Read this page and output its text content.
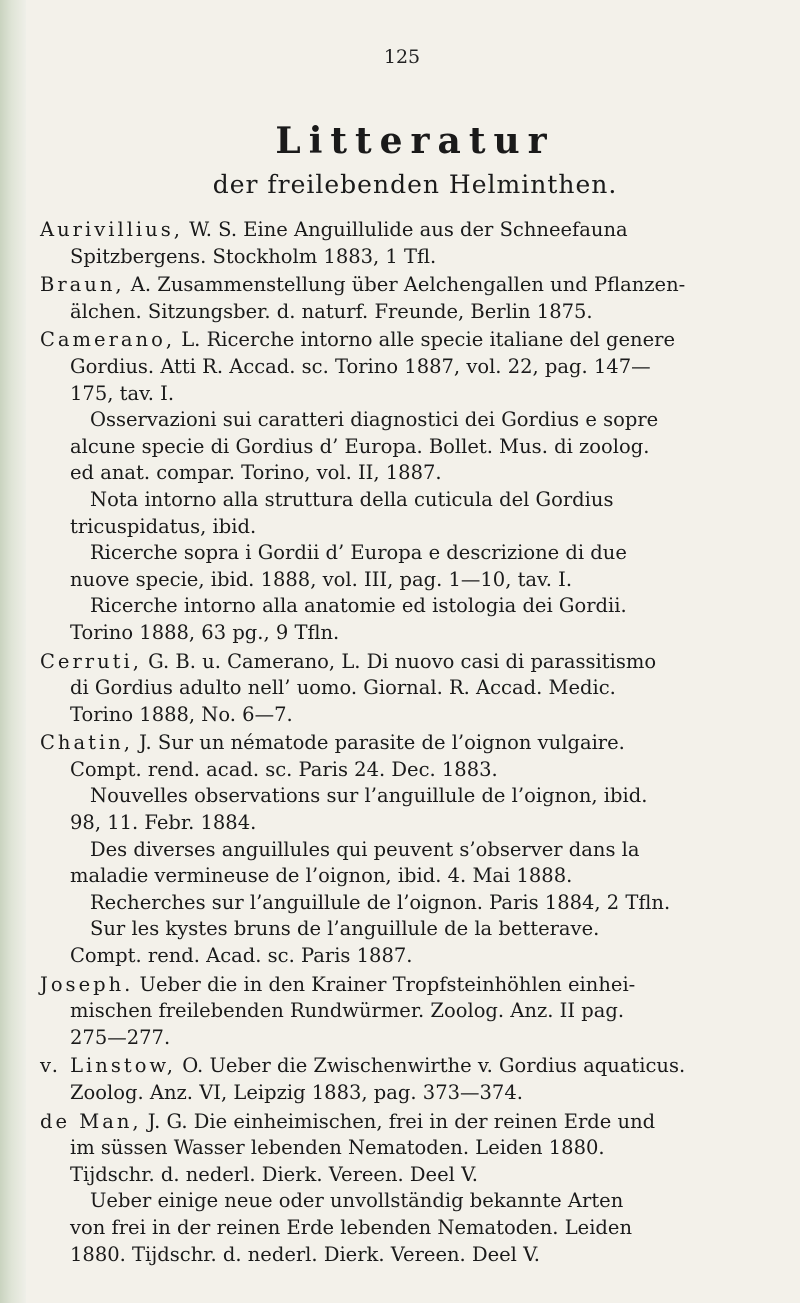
125
Litteratur
der freilebenden Helminthen.
Aurivillius, W. S. Eine Anguillulide aus der Schneefauna
Spitzbergens. Stockholm 1883, 1 Tfl.
Braun, A. Zusammenstellung über Aelchengallen und Pflanzen-
älchen. Sitzungsber. d. naturf. Freunde, Berlin 1875.
Camerano, L. Ricerche intorno alle specie italiane del genere
Gordius. Atti R. Accad. sc. Torino 1887, vol. 22, pag. 147—
175, tav. I.
Osservazioni sui caratteri diagnostici dei Gordius e sopre
alcune specie di Gordius d’ Europa. Bollet. Mus. di zoolog.
ed anat. compar. Torino, vol. II, 1887.
Nota intorno alla struttura della cuticula del Gordius
tricuspidatus, ibid.
Ricerche sopra i Gordii d’ Europa e descrizione di due
nuove specie, ibid. 1888, vol. III, pag. 1—10, tav. I.
Ricerche intorno alla anatomie ed istologia dei Gordii.
Torino 1888, 63 pg., 9 Tfln.
Cerruti, G. B. u. Camerano, L. Di nuovo casi di parassitismo
di Gordius adulto nell’ uomo. Giornal. R. Accad. Medic.
Torino 1888, No. 6—7.
Chatin, J. Sur un nématode parasite de l’oignon vulgaire.
Compt. rend. acad. sc. Paris 24. Dec. 1883.
Nouvelles observations sur l’anguillule de l’oignon, ibid.
98, 11. Febr. 1884.
Des diverses anguillules qui peuvent s’observer dans la
maladie vermineuse de l’oignon, ibid. 4. Mai 1888.
Recherches sur l’anguillule de l’oignon. Paris 1884, 2 Tfln.
Sur les kystes bruns de l’anguillule de la betterave.
Compt. rend. Acad. sc. Paris 1887.
Joseph. Ueber die in den Krainer Tropfsteinhöhlen einhei-
mischen freilebenden Rundwürmer. Zoolog. Anz. II pag.
275—277.
v. Linstow, O. Ueber die Zwischenwirthe v. Gordius aquaticus.
Zoolog. Anz. VI, Leipzig 1883, pag. 373—374.
de Man, J. G. Die einheimischen, frei in der reinen Erde und
im süssen Wasser lebenden Nematoden. Leiden 1880.
Tijdschr. d. nederl. Dierk. Vereen. Deel V.
Ueber einige neue oder unvollständig bekannte Arten
von frei in der reinen Erde lebenden Nematoden. Leiden
1880. Tijdschr. d. nederl. Dierk. Vereen. Deel V.
